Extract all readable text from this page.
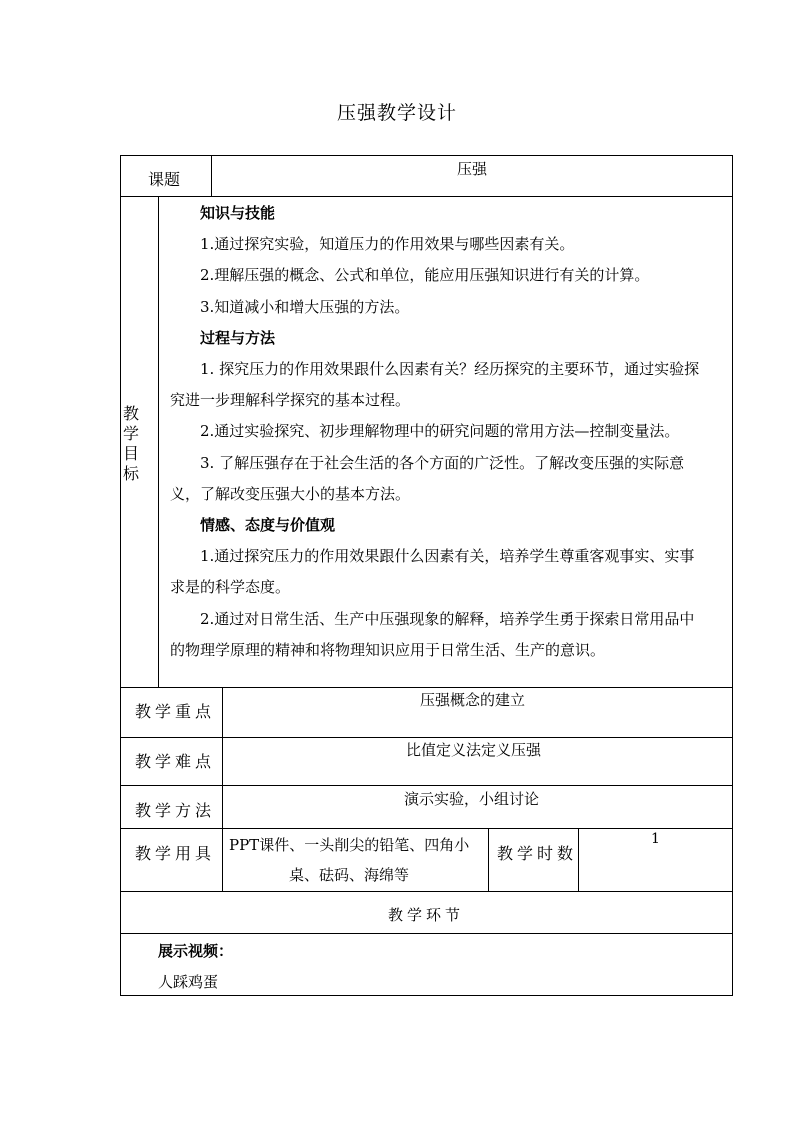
压强教学设计
课题
压强
教
学
目
标
知识与技能
1.通过探究实验，知道压力的作用效果与哪些因素有关。
2.理解压强的概念、公式和单位，能应用压强知识进行有关的计算。
3.知道减小和增大压强的方法。
过程与方法
1. 探究压力的作用效果跟什么因素有关？经历探究的主要环节，通过实验探
究进一步理解科学探究的基本过程。
2.通过实验探究、初步理解物理中的研究问题的常用方法—控制变量法。
3. 了解压强存在于社会生活的各个方面的广泛性。了解改变压强的实际意
义，了解改变压强大小的基本方法。
情感、态度与价值观
1.通过探究压力的作用效果跟什么因素有关，培养学生尊重客观事实、实事
求是的科学态度。
2.通过对日常生活、生产中压强现象的解释，培养学生勇于探索日常用品中
的物理学原理的精神和将物理知识应用于日常生活、生产的意识。
教学重点
压强概念的建立
教学难点
比值定义法定义压强
教学方法
演示实验，小组讨论
教学用具 PPT课件、一头削尖的铅笔、四角小
桌、砝码、海绵等
教学时数
1
教学环节
展示视频：
人踩鸡蛋
